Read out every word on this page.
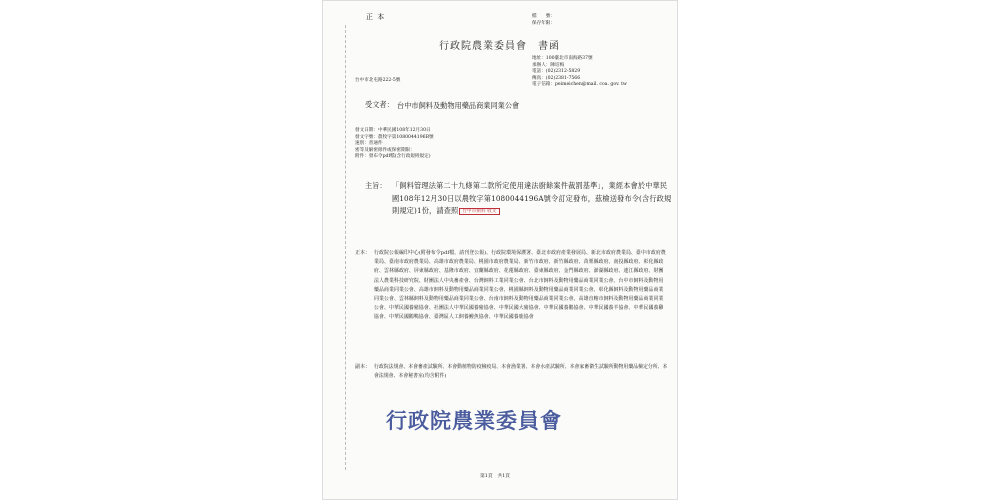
正 本	檔　　號：
保存年限：
行政院農業委員會　書函
地址：100臺北市南海路37號
承辦人：陳培梅
電話：(02)2312-5829
傳真：(02)2381-7566
電子信箱：peimeichen@mail. coa. gov. tw
台中市北屯路222-5號
受文者： 台中市飼料及動物用藥品商業同業公會
發文日期：中華民國108年12月30日
發文字號：農牧字第1080044196B號
速別：普通件
密等及解密條件或保密期限：
附件：發布令pdf檔(含行政規則規定)
主旨： 「飼料管理法第二十九條第二款所定使用違法廚餘案件裁罰基準」，業經本會於中華民國108年12月30日以農牧字第1080044196A號令訂定發布，茲檢送發布令(含行政規則規定)1份，請查照 台中市飼料 收文
正本： 行政院公報編印中心(附發布令pdf檔，請刊登公報)、行政院環境保護署、臺北市政府產業發展局、新北市政府農業局、臺中市政府農業局、臺南市政府農業局、高雄市政府農業局、桃園市政府農業局、新竹市政府、新竹縣政府、苗栗縣政府、南投縣政府、彰化縣政府、雲林縣政府、屏東縣政府、基隆市政府、宜蘭縣政府、花蓮縣政府、臺東縣政府、金門縣政府、澎湖縣政府、連江縣政府、財團法人農業科技研究院、財團法人中央畜產會、台灣飼料工業同業公會、台北市飼料及動物用藥品商業同業公會、台中市飼料及動物用藥品商業同業公會、高雄市飼料及動物用藥品商業同業公會、桃園縣飼料及動物用藥品商業同業公會、彰化縣飼料及動物用藥品商業同業公會、雲林縣飼料及動物用藥品商業同業公會、台南市飼料及動物用藥品商業同業公會、高雄直轄市飼料及動物用藥品商業同業公會、中華民國養豬協會、社團法人中華民國養豬協會、中華民國大豬協會、中華民國養鵝協會、中華民國養羊協會、中華民國養雞協會、中華民國鵝鴨協會、臺灣區人工飼養鰻魚協會、中華民國養鹿協會
副本： 行政院法規會、本會畜產試驗所、本會動植物防疫檢疫局、本會漁業署、本會水產試驗所、本會家畜衛生試驗所動物用藥品檢定分所、本會法規會、本會秘書室(均含附件)
行政院農業委員會
第1頁　共1頁
